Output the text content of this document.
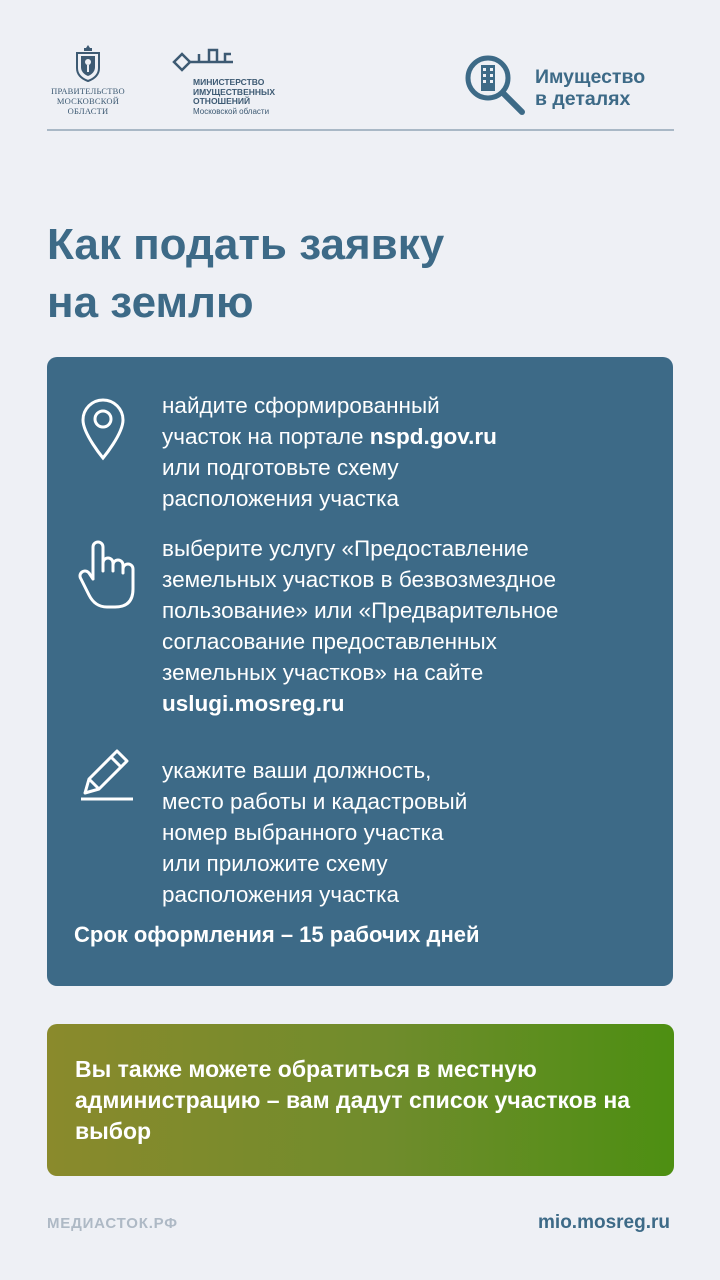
ПРАВИТЕЛЬСТВО МОСКОВСКОЙ ОБЛАСТИ
МИНИСТЕРСТВО
ИМУЩЕСТВЕННЫХ
ОТНОШЕНИЙ
Московской области
Имущество
в деталях
Как подать заявку
на землю
найдите сформированный
участок на портале nspd.gov.ru
или подготовьте схему
расположения участка
выберите услугу «Предоставление
земельных участков в безвозмездное
пользование» или «Предварительное
согласование предоставленных
земельных участков» на сайте
uslugi.mosreg.ru
укажите ваши должность,
место работы и кадастровый
номер выбранного участка
или приложите схему
расположения участка
Срок оформления – 15 рабочих дней
Вы также можете обратиться в местную администрацию – вам дадут список участков на выбор
МЕДИАСТОК.РФ	mio.mosreg.ru
